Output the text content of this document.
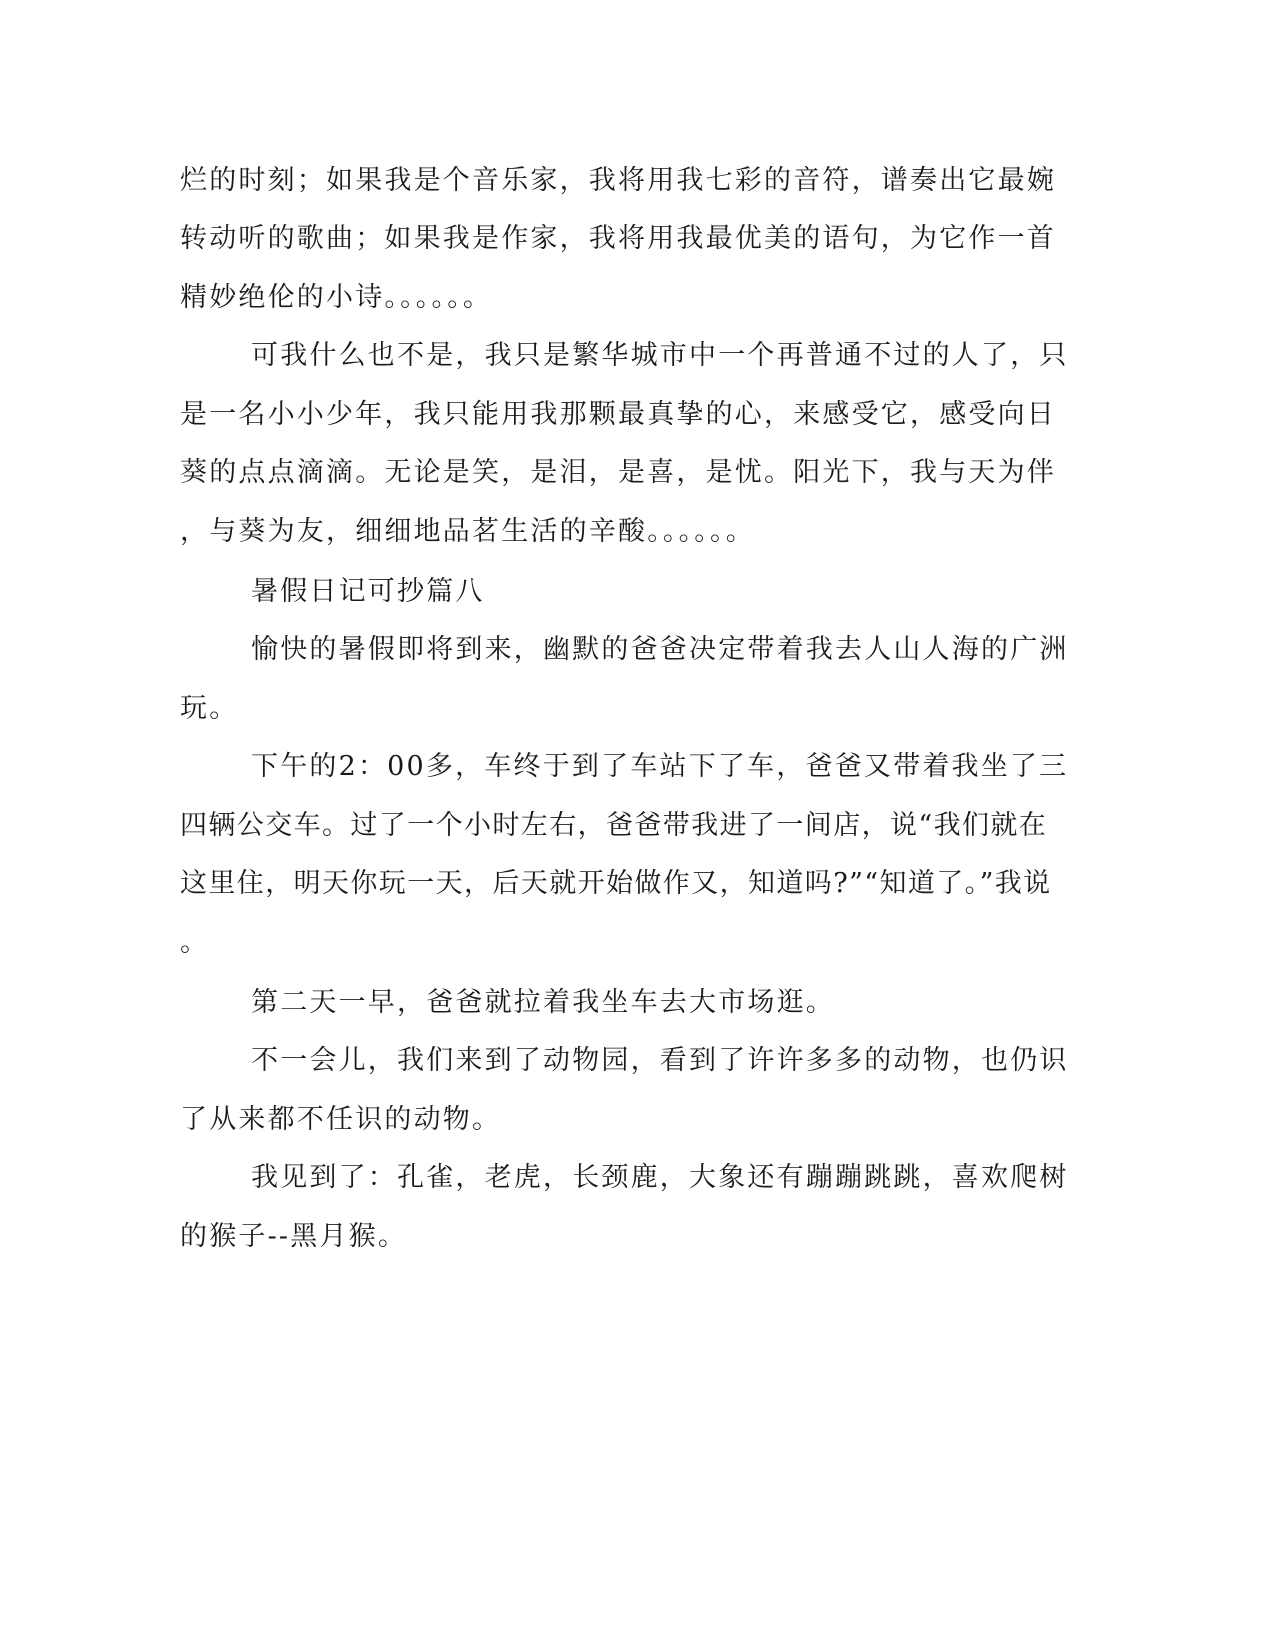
烂的时刻；如果我是个音乐家，我将用我七彩的音符，谱奏出它最婉
转动听的歌曲；如果我是作家，我将用我最优美的语句，为它作一首
精妙绝伦的小诗。。。。。。
可我什么也不是，我只是繁华城市中一个再普通不过的人了，只
是一名小小少年，我只能用我那颗最真挚的心，来感受它，感受向日
葵的点点滴滴。无论是笑，是泪，是喜，是忧。阳光下，我与天为伴
，与葵为友，细细地品茗生活的辛酸。。。。。。
暑假日记可抄篇八
愉快的暑假即将到来，幽默的爸爸决定带着我去人山人海的广洲
玩。
下午的2：00多，车终于到了车站下了车，爸爸又带着我坐了三
四辆公交车。过了一个小时左右，爸爸带我进了一间店，说“我们就在
这里住，明天你玩一天，后天就开始做作又，知道吗?”“知道了。”我说
。
第二天一早，爸爸就拉着我坐车去大市场逛。
不一会儿，我们来到了动物园，看到了许许多多的动物，也仍识
了从来都不任识的动物。
我见到了：孔雀，老虎，长颈鹿，大象还有蹦蹦跳跳，喜欢爬树
的猴子--黑月猴。
